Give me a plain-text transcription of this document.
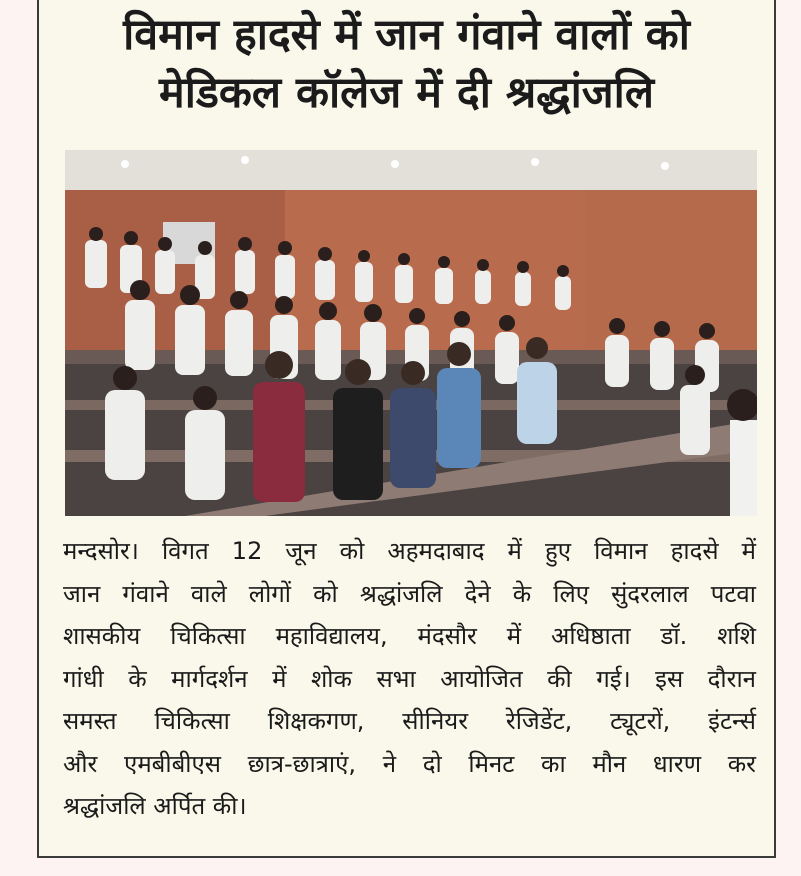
विमान हादसे में जान गंवाने वालों को
मेडिकल कॉलेज में दी श्रद्धांजलि
मन्दसोर। विगत 12 जून को अहमदाबाद में हुए विमान हादसे में
जान गंवाने वाले लोगों को श्रद्धांजलि देने के लिए सुंदरलाल पटवा
शासकीय चिकित्सा महाविद्यालय, मंदसौर में अधिष्ठाता डॉ. शशि
गांधी के मार्गदर्शन में शोक सभा आयोजित की गई। इस दौरान
समस्त चिकित्सा शिक्षकगण, सीनियर रेजिडेंट, ट्यूटरों, इंटर्न्स
और एमबीबीएस छात्र-छात्राएं, ने दो मिनट का मौन धारण कर
श्रद्धांजलि अर्पित की।
